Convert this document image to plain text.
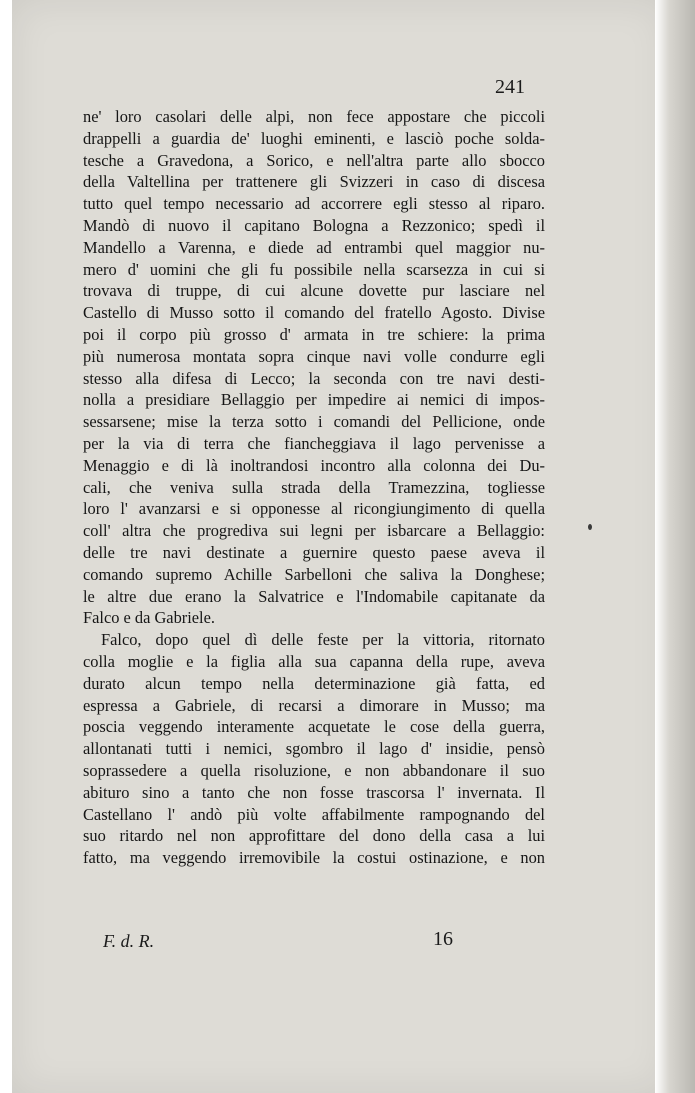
241
ne' loro casolari delle alpi, non fece appostare che piccoli
drappelli a guardia de' luoghi eminenti, e lasciò poche solda-
tesche a Gravedona, a Sorico, e nell'altra parte allo sbocco
della Valtellina per trattenere gli Svizzeri in caso di discesa
tutto quel tempo necessario ad accorrere egli stesso al riparo.
Mandò di nuovo il capitano Bologna a Rezzonico; spedì il
Mandello a Varenna, e diede ad entrambi quel maggior nu-
mero d' uomini che gli fu possibile nella scarsezza in cui si
trovava di truppe, di cui alcune dovette pur lasciare nel
Castello di Musso sotto il comando del fratello Agosto. Divise
poi il corpo più grosso d' armata in tre schiere: la prima
più numerosa montata sopra cinque navi volle condurre egli
stesso alla difesa di Lecco; la seconda con tre navi desti-
nolla a presidiare Bellaggio per impedire ai nemici di impos-
sessarsene; mise la terza sotto i comandi del Pellicione, onde
per la via di terra che fiancheggiava il lago pervenisse a
Menaggio e di là inoltrandosi incontro alla colonna dei Du-
cali, che veniva sulla strada della Tramezzina, togliesse
loro l' avanzarsi e si opponesse al ricongiungimento di quella
coll' altra che progrediva sui legni per isbarcare a Bellaggio:
delle tre navi destinate a guernire questo paese aveva il
comando supremo Achille Sarbelloni che saliva la Donghese;
le altre due erano la Salvatrice e l'Indomabile capitanate da
Falco e da Gabriele.
Falco, dopo quel dì delle feste per la vittoria, ritornato
colla moglie e la figlia alla sua capanna della rupe, aveva
durato alcun tempo nella determinazione già fatta, ed
espressa a Gabriele, di recarsi a dimorare in Musso; ma
poscia veggendo interamente acquetate le cose della guerra,
allontanati tutti i nemici, sgombro il lago d' insidie, pensò
soprassedere a quella risoluzione, e non abbandonare il suo
abituro sino a tanto che non fosse trascorsa l' invernata. Il
Castellano l' andò più volte affabilmente rampognando del
suo ritardo nel non approfittare del dono della casa a lui
fatto, ma veggendo irremovibile la costui ostinazione, e non
F. d. R.	16
